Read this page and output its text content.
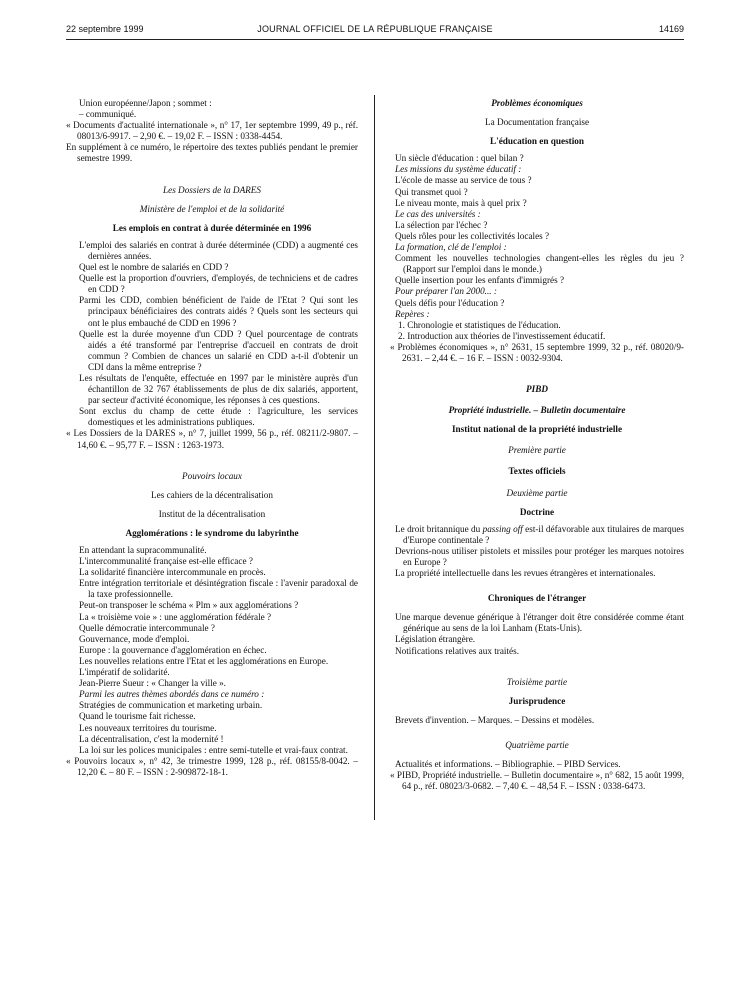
22 septembre 1999	JOURNAL OFFICIEL DE LA RÉPUBLIQUE FRANÇAISE	14169

Union européenne/Japon ; sommet :

– communiqué.

« Documents d'actualité internationale », n° 17, 1er septembre 1999, 49 p., réf. 08013/6-9917. – 2,90 €. – 19,02 F. – ISSN : 0338-4454.

En supplément à ce numéro, le répertoire des textes publiés pendant le premier semestre 1999.

Les Dossiers de la DARES

Ministère de l'emploi et de la solidarité

Les emplois en contrat à durée déterminée en 1996

L'emploi des salariés en contrat à durée déterminée (CDD) a augmenté ces dernières années.

Quel est le nombre de salariés en CDD ?

Quelle est la proportion d'ouvriers, d'employés, de techniciens et de cadres en CDD ?

Parmi les CDD, combien bénéficient de l'aide de l'Etat ? Qui sont les principaux bénéficiaires des contrats aidés ? Quels sont les secteurs qui ont le plus embauché de CDD en 1996 ?

Quelle est la durée moyenne d'un CDD ? Quel pourcentage de contrats aidés a été transformé par l'entreprise d'accueil en contrats de droit commun ? Combien de chances un salarié en CDD a-t-il d'obtenir un CDI dans la même entreprise ?

Les résultats de l'enquête, effectuée en 1997 par le ministère auprès d'un échantillon de 32 767 établissements de plus de dix salariés, apportent, par secteur d'activité économique, les réponses à ces questions.

Sont exclus du champ de cette étude : l'agriculture, les services domestiques et les administrations publiques.

« Les Dossiers de la DARES », n° 7, juillet 1999, 56 p., réf. 08211/2-9807. – 14,60 €. – 95,77 F. – ISSN : 1263-1973.

Pouvoirs locaux

Les cahiers de la décentralisation

Institut de la décentralisation

Agglomérations : le syndrome du labyrinthe

En attendant la supracommunalité.

L'intercommunalité française est-elle efficace ?

La solidarité financière intercommunale en procès.

Entre intégration territoriale et désintégration fiscale : l'avenir paradoxal de la taxe professionnelle.

Peut-on transposer le schéma « Plm » aux agglomérations ?

La « troisième voie » : une agglomération fédérale ?

Quelle démocratie intercommunale ?

Gouvernance, mode d'emploi.

Europe : la gouvernance d'agglomération en échec.

Les nouvelles relations entre l'Etat et les agglomérations en Europe.

L'impératif de solidarité.

Jean-Pierre Sueur : « Changer la ville ».

Parmi les autres thèmes abordés dans ce numéro :

Stratégies de communication et marketing urbain.

Quand le tourisme fait richesse.

Les nouveaux territoires du tourisme.

La décentralisation, c'est la modernité !

La loi sur les polices municipales : entre semi-tutelle et vrai-faux contrat.

« Pouvoirs locaux », n° 42, 3e trimestre 1999, 128 p., réf. 08155/8-0042. – 12,20 €. – 80 F. – ISSN : 2-909872-18-1.

Problèmes économiques

La Documentation française

L'éducation en question

Un siècle d'éducation : quel bilan ?

Les missions du système éducatif :

L'école de masse au service de tous ?

Qui transmet quoi ?

Le niveau monte, mais à quel prix ?

Le cas des universités :

La sélection par l'échec ?

Quels rôles pour les collectivités locales ?

La formation, clé de l'emploi :

Comment les nouvelles technologies changent-elles les règles du jeu ? (Rapport sur l'emploi dans le monde.)

Quelle insertion pour les enfants d'immigrés ?

Pour préparer l'an 2000... :

Quels défis pour l'éducation ?

Repères :

1. Chronologie et statistiques de l'éducation.

2. Introduction aux théories de l'investissement éducatif.

« Problèmes économiques », n° 2631, 15 septembre 1999, 32 p., réf. 08020/9-2631. – 2,44 €. – 16 F. – ISSN : 0032-9304.

PIBD

Propriété industrielle. – Bulletin documentaire

Institut national de la propriété industrielle

Première partie

Textes officiels

Deuxième partie

Doctrine

Le droit britannique du passing off est-il défavorable aux titulaires de marques d'Europe continentale ?

Devrions-nous utiliser pistolets et missiles pour protéger les marques notoires en Europe ?

La propriété intellectuelle dans les revues étrangères et internationales.

Chroniques de l'étranger

Une marque devenue générique à l'étranger doit être considérée comme étant générique au sens de la loi Lanham (Etats-Unis).

Législation étrangère.

Notifications relatives aux traités.

Troisième partie

Jurisprudence

Brevets d'invention. – Marques. – Dessins et modèles.

Quatrième partie

Actualités et informations. – Bibliographie. – PIBD Services.

« PIBD, Propriété industrielle. – Bulletin documentaire », n° 682, 15 août 1999, 64 p., réf. 08023/3-0682. – 7,40 €. – 48,54 F. – ISSN : 0338-6473.
